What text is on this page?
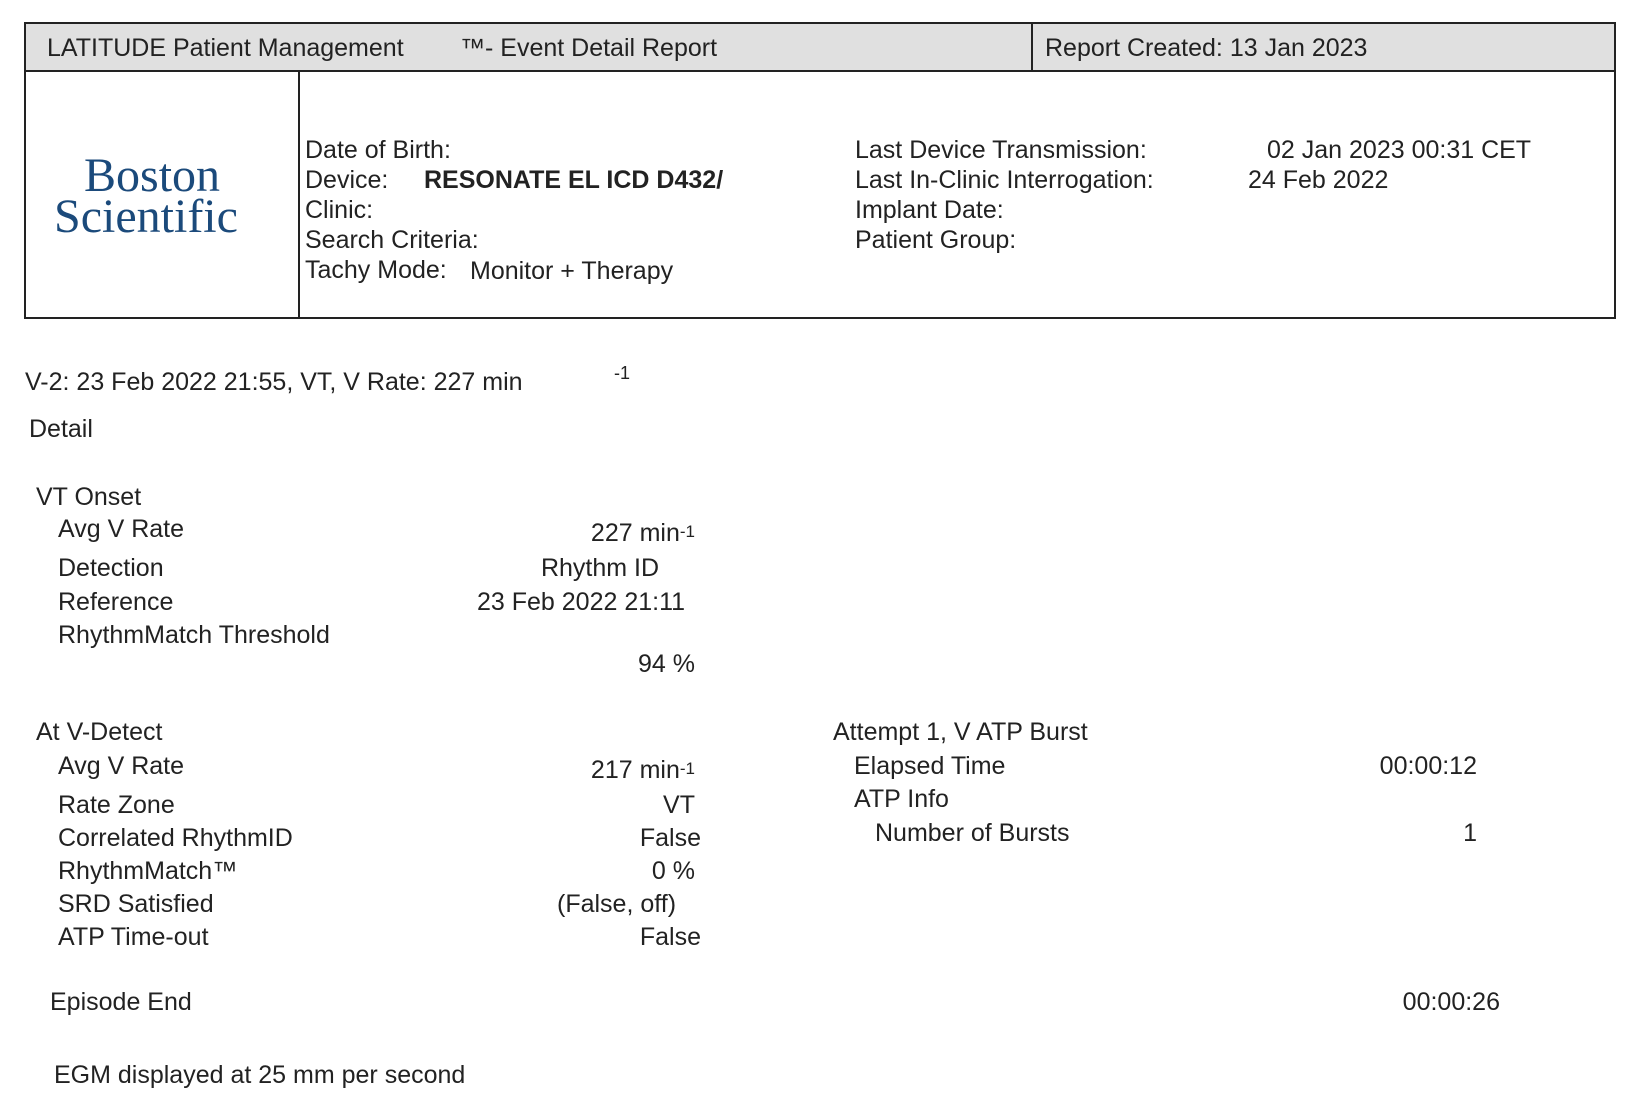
LATITUDE Patient Management ™- Event Detail Report	Report Created: 13 Jan 2023
Boston
Scientific
Date of Birth:
Device: RESONATE EL ICD D432/
Clinic:
Search Criteria:
Tachy Mode: Monitor + Therapy
Last Device Transmission:	02 Jan 2023 00:31 CET
Last In-Clinic Interrogation:	24 Feb 2022
Implant Date:
Patient Group:
V-2: 23 Feb 2022 21:55, VT, V Rate: 227 min	-1
Detail
VT Onset
Avg V Rate	227 $\min^{-1}$
Detection	Rhythm ID
Reference	23 Feb 2022 21:11
RhythmMatch Threshold
94 %
At V-Detect
Avg V Rate	217 $\min^{-1}$
Rate Zone	VT
Correlated RhythmID	False
RhythmMatch™	0 %
SRD Satisfied	(False, off)
ATP Time-out	False
Attempt 1, V ATP Burst
Elapsed Time	00:00:12
ATP Info
Number of Bursts	1
Episode End	00:00:26
EGM displayed at 25 mm per second
